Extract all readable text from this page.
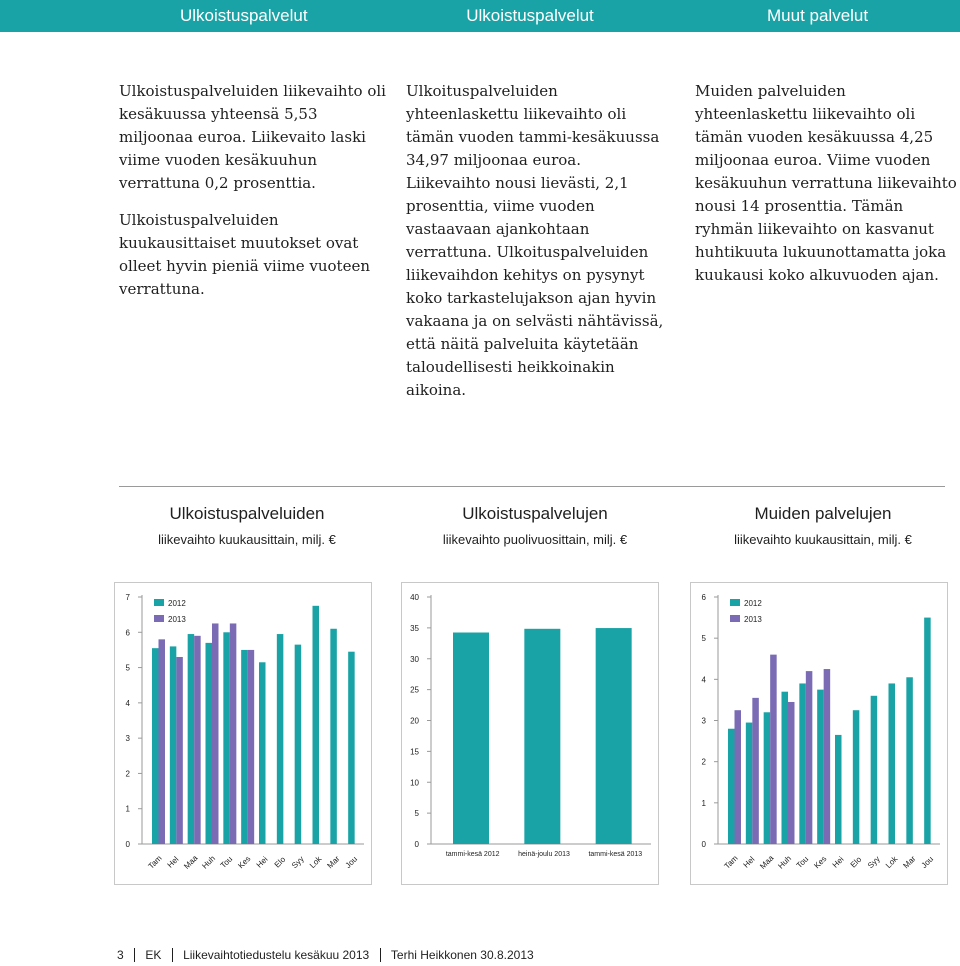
Ulkoistuspalvelut	Ulkoistuspalvelut	Muut palvelut

Ulkoistuspalveluiden liikevaihto oli kesäkuussa yhteensä 5,53 miljoonaa euroa. Liikevaito laski viime vuoden kesäkuuhun verrattuna 0,2 prosenttia.

Ulkoistuspalveluiden kuukausittaiset muutokset ovat olleet hyvin pieniä viime vuoteen verrattuna.

Ulkoituspalveluiden yhteenlaskettu liikevaihto oli tämän vuoden tammi-kesäkuussa 34,97 miljoonaa euroa. Liikevaihto nousi lievästi, 2,1 prosenttia, viime vuoden vastaavaan ajankohtaan verrattuna. Ulkoituspalveluiden liikevaihdon kehitys on pysynyt koko tarkastelujakson ajan hyvin vakaana ja on selvästi nähtävissä, että näitä palveluita käytetään taloudellisesti heikkoinakin aikoina.

Muiden palveluiden yhteenlaskettu liikevaihto oli tämän vuoden kesäkuussa 4,25 miljoonaa euroa. Viime vuoden kesäkuuhun verrattuna liikevaihto nousi 14 prosenttia. Tämän ryhmän liikevaihto on kasvanut huhtikuuta lukuunottamatta joka kuukausi koko alkuvuoden ajan.

Ulkoistuspalveluiden
liikevaihto kuukausittain, milj. €
Ulkoistuspalvelujen
liikevaihto puolivuosittain, milj. €
Muiden palvelujen
liikevaihto kuukausittain, milj. €
0
1
2
3
4
5
6
7
Tam Hel Maa Huh Tou Kes Hei Elo Syy Lok Mar Jou
2012
2013
0
5
10
15
20
25
30
35
40
tammi-kesä 2012	heinä-joulu 2013	tammi-kesä 2013
0
1
2
3
4
5
6
Tam Hel Maa Huh Tou Kes Hei Elo Syy Lok Mar Jou
2012
2013
3 EK Liikevaihtotiedustelu kesäkuu 2013 Terhi Heikkonen 30.8.2013
